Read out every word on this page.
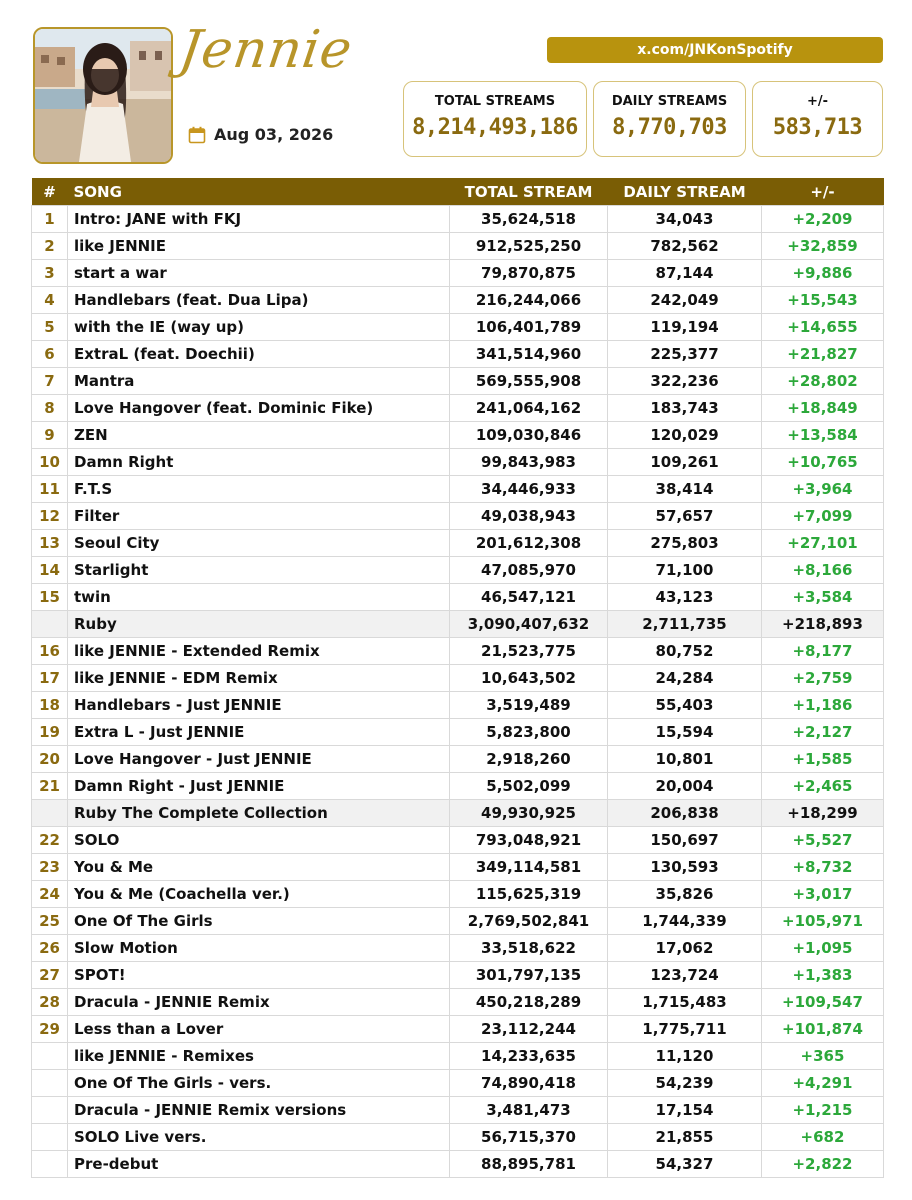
Jennie
Aug 03, 2026
x.com/JNKonSpotify
TOTAL STREAMS
8,214,493,186
DAILY STREAMS
8,770,703
+/-
583,713
#	SONG	TOTAL STREAM	DAILY STREAM	+/-
1	Intro: JANE with FKJ	35,624,518	34,043	+2,209
2	like JENNIE	912,525,250	782,562	+32,859
3	start a war	79,870,875	87,144	+9,886
4	Handlebars (feat. Dua Lipa)	216,244,066	242,049	+15,543
5	with the IE (way up)	106,401,789	119,194	+14,655
6	ExtraL (feat. Doechii)	341,514,960	225,377	+21,827
7	Mantra	569,555,908	322,236	+28,802
8	Love Hangover (feat. Dominic Fike)	241,064,162	183,743	+18,849
9	ZEN	109,030,846	120,029	+13,584
10	Damn Right	99,843,983	109,261	+10,765
11	F.T.S	34,446,933	38,414	+3,964
12	Filter	49,038,943	57,657	+7,099
13	Seoul City	201,612,308	275,803	+27,101
14	Starlight	47,085,970	71,100	+8,166
15	twin	46,547,121	43,123	+3,584
	Ruby	3,090,407,632	2,711,735	+218,893
16	like JENNIE - Extended Remix	21,523,775	80,752	+8,177
17	like JENNIE - EDM Remix	10,643,502	24,284	+2,759
18	Handlebars - Just JENNIE	3,519,489	55,403	+1,186
19	Extra L - Just JENNIE	5,823,800	15,594	+2,127
20	Love Hangover - Just JENNIE	2,918,260	10,801	+1,585
21	Damn Right - Just JENNIE	5,502,099	20,004	+2,465
	Ruby The Complete Collection	49,930,925	206,838	+18,299
22	SOLO	793,048,921	150,697	+5,527
23	You & Me	349,114,581	130,593	+8,732
24	You & Me (Coachella ver.)	115,625,319	35,826	+3,017
25	One Of The Girls	2,769,502,841	1,744,339	+105,971
26	Slow Motion	33,518,622	17,062	+1,095
27	SPOT!	301,797,135	123,724	+1,383
28	Dracula - JENNIE Remix	450,218,289	1,715,483	+109,547
29	Less than a Lover	23,112,244	1,775,711	+101,874
	like JENNIE - Remixes	14,233,635	11,120	+365
	One Of The Girls - vers.	74,890,418	54,239	+4,291
	Dracula - JENNIE Remix versions	3,481,473	17,154	+1,215
	SOLO Live vers.	56,715,370	21,855	+682
	Pre-debut	88,895,781	54,327	+2,822
